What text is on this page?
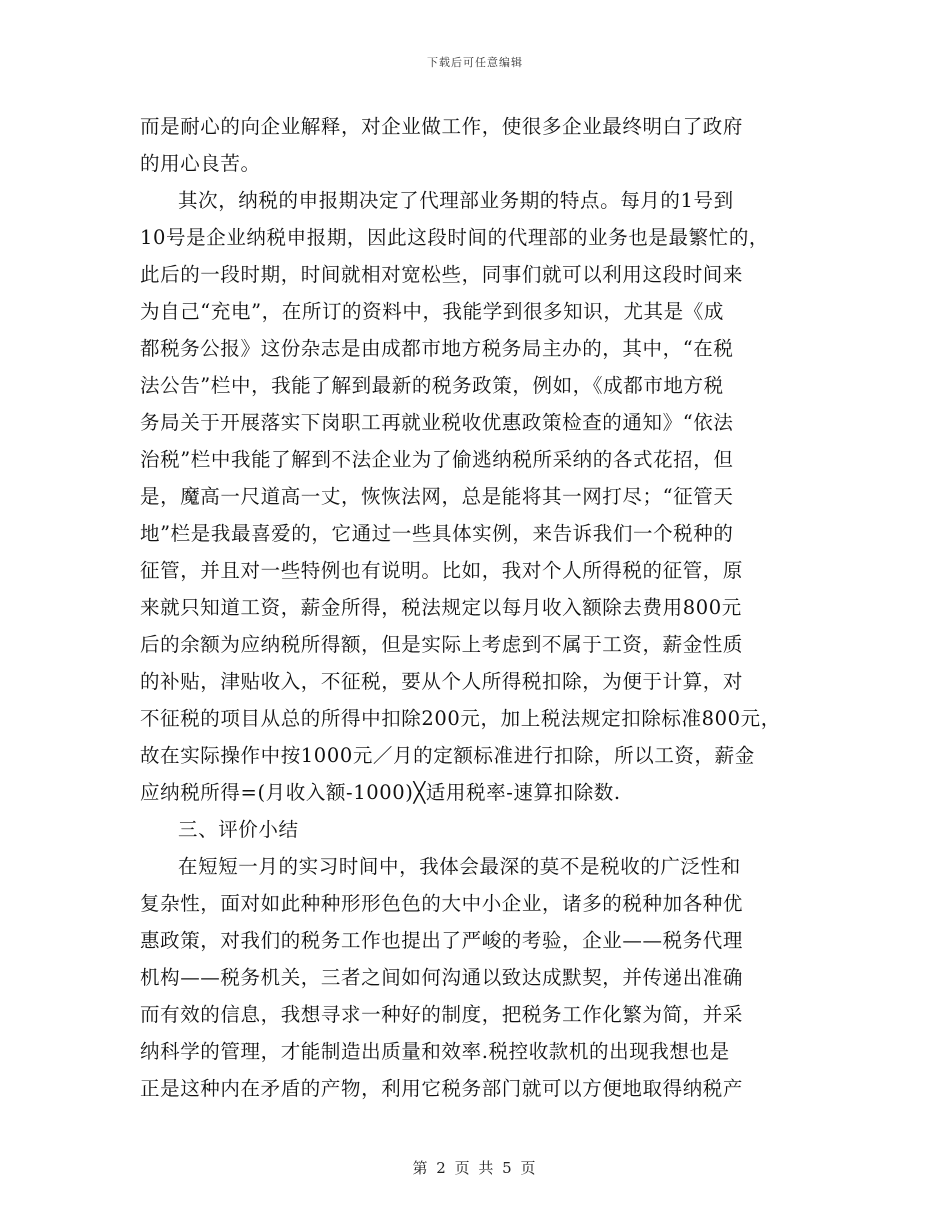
下载后可任意编辑
而是耐心的向企业解释，对企业做工作，使很多企业最终明白了政府
的用心良苦。
其次，纳税的申报期决定了代理部业务期的特点。每月的1号到
10号是企业纳税申报期，因此这段时间的代理部的业务也是最繁忙的，
此后的一段时期，时间就相对宽松些，同事们就可以利用这段时间来
为自己“充电”，在所订的资料中，我能学到很多知识，尤其是《成
都税务公报》这份杂志是由成都市地方税务局主办的，其中，“在税
法公告”栏中，我能了解到最新的税务政策，例如，《成都市地方税
务局关于开展落实下岗职工再就业税收优惠政策检查的通知》“依法
治税”栏中我能了解到不法企业为了偷逃纳税所采纳的各式花招，但
是，魔高一尺道高一丈，恢恢法网，总是能将其一网打尽；“征管天
地”栏是我最喜爱的，它通过一些具体实例，来告诉我们一个税种的
征管，并且对一些特例也有说明。比如，我对个人所得税的征管，原
来就只知道工资，薪金所得，税法规定以每月收入额除去费用800元
后的余额为应纳税所得额，但是实际上考虑到不属于工资，薪金性质
的补贴，津贴收入，不征税，要从个人所得税扣除，为便于计算，对
不征税的项目从总的所得中扣除200元，加上税法规定扣除标准800元，
故在实际操作中按1000元／月的定额标准进行扣除，所以工资，薪金
应纳税所得=(月收入额-1000)╳适用税率-速算扣除数.
三、评价小结
在短短一月的实习时间中，我体会最深的莫不是税收的广泛性和
复杂性，面对如此种种形形色色的大中小企业，诸多的税种加各种优
惠政策，对我们的税务工作也提出了严峻的考验，企业——税务代理
机构——税务机关，三者之间如何沟通以致达成默契，并传递出准确
而有效的信息，我想寻求一种好的制度，把税务工作化繁为简，并采
纳科学的管理，才能制造出质量和效率.税控收款机的出现我想也是
正是这种内在矛盾的产物，利用它税务部门就可以方便地取得纳税产
第 2 页 共 5 页
